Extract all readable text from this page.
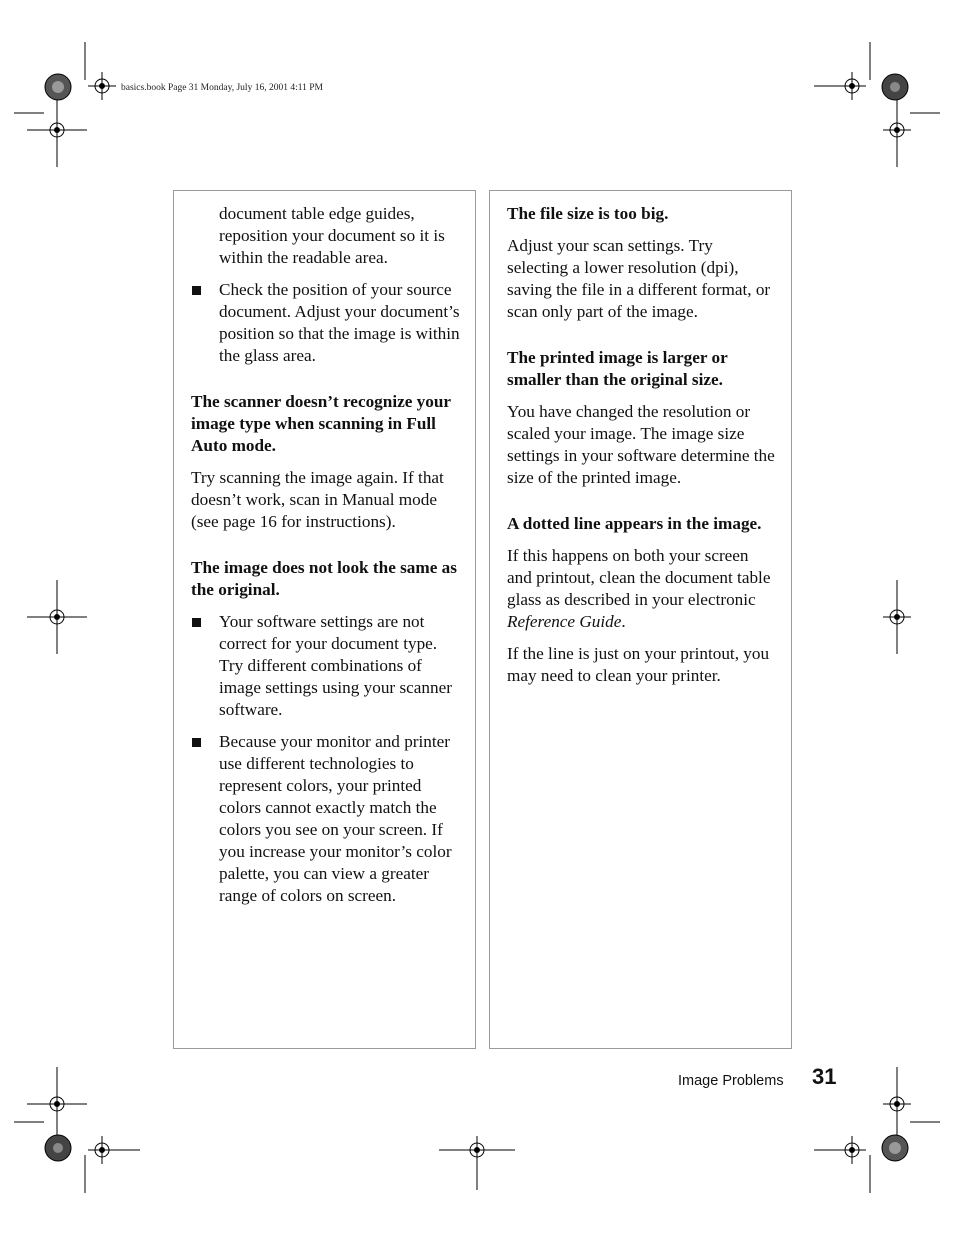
basics.book Page 31 Monday, July 16, 2001 4:11 PM

document table edge guides, reposition your document so it is within the readable area.

Check the position of your source document. Adjust your document’s position so that the image is within the glass area.

The scanner doesn’t recognize your image type when scanning in Full Auto mode.

Try scanning the image again. If that doesn’t work, scan in Manual mode (see page 16 for instructions).

The image does not look the same as the original.

Your software settings are not correct for your document type. Try different combinations of image settings using your scanner software.
Because your monitor and printer use different technologies to represent colors, your printed colors cannot exactly match the colors you see on your screen. If you increase your monitor’s color palette, you can view a greater range of colors on screen.

The file size is too big.

Adjust your scan settings. Try selecting a lower resolution (dpi), saving the file in a different format, or scan only part of the image.

The printed image is larger or smaller than the original size.

You have changed the resolution or scaled your image. The image size settings in your software determine the size of the printed image.

A dotted line appears in the image.

If this happens on both your screen and printout, clean the document table glass as described in your electronic Reference Guide.

If the line is just on your printout, you may need to clean your printer.

Image Problems 31
